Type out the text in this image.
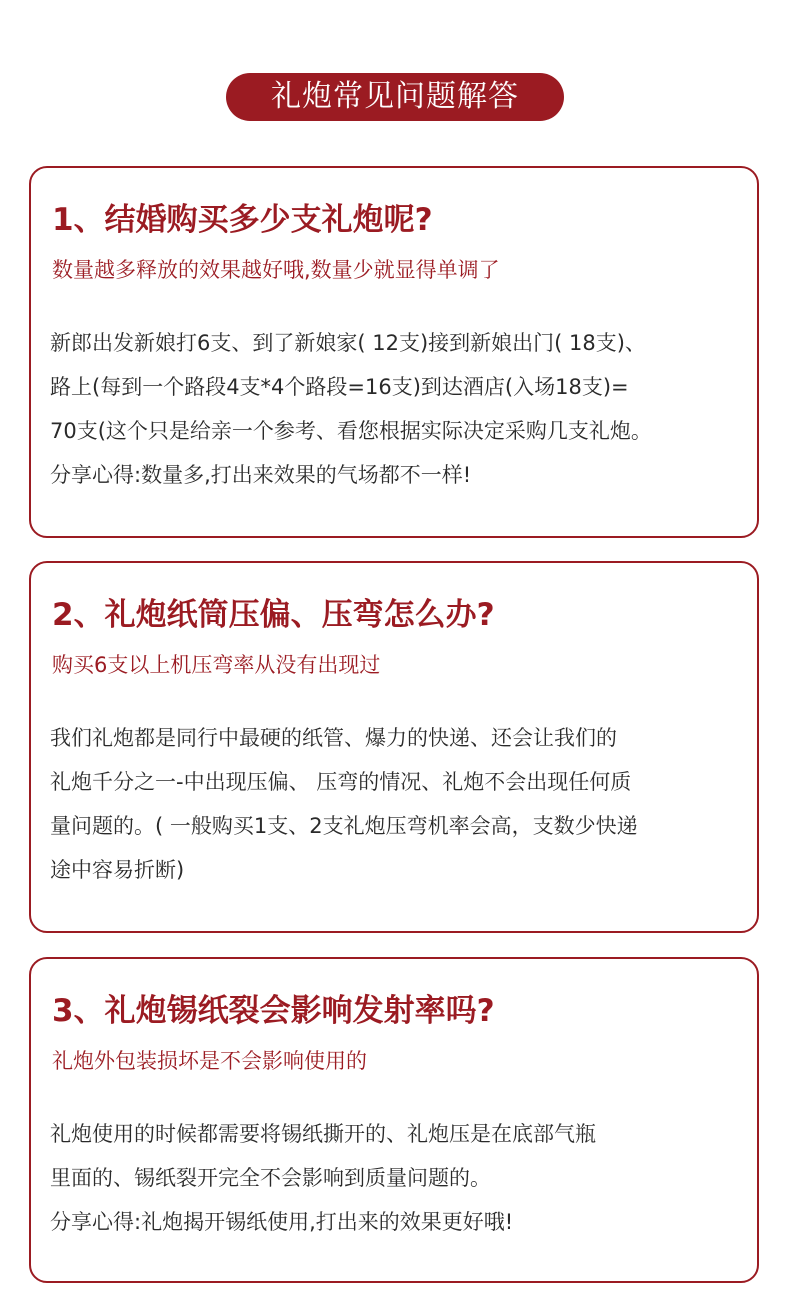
礼炮常见问题解答
1、结婚购买多少支礼炮呢?
数量越多释放的效果越好哦,数量少就显得单调了

新郎出发新娘打6支、到了新娘家( 12支)接到新娘出门( 18支)、

路上(每到一个路段4支*4个路段=16支)到达酒店(入场18支)=

70支(这个只是给亲一个参考、看您根据实际决定采购几支礼炮。

分享心得:数量多,打出来效果的气场都不一样!

2、礼炮纸筒压偏、压弯怎么办?
购买6支以上机压弯率从没有出现过

我们礼炮都是同行中最硬的纸管、爆力的快递、还会让我们的

礼炮千分之一-中出现压偏、 压弯的情况、礼炮不会出现任何质

量问题的。( 一般购买1支、2支礼炮压弯机率会高，支数少快递

途中容易折断)

3、礼炮锡纸裂会影响发射率吗?
礼炮外包装损坏是不会影响使用的

礼炮使用的时候都需要将锡纸撕开的、礼炮压是在底部气瓶

里面的、锡纸裂开完全不会影响到质量问题的。

分享心得:礼炮揭开锡纸使用,打出来的效果更好哦!
